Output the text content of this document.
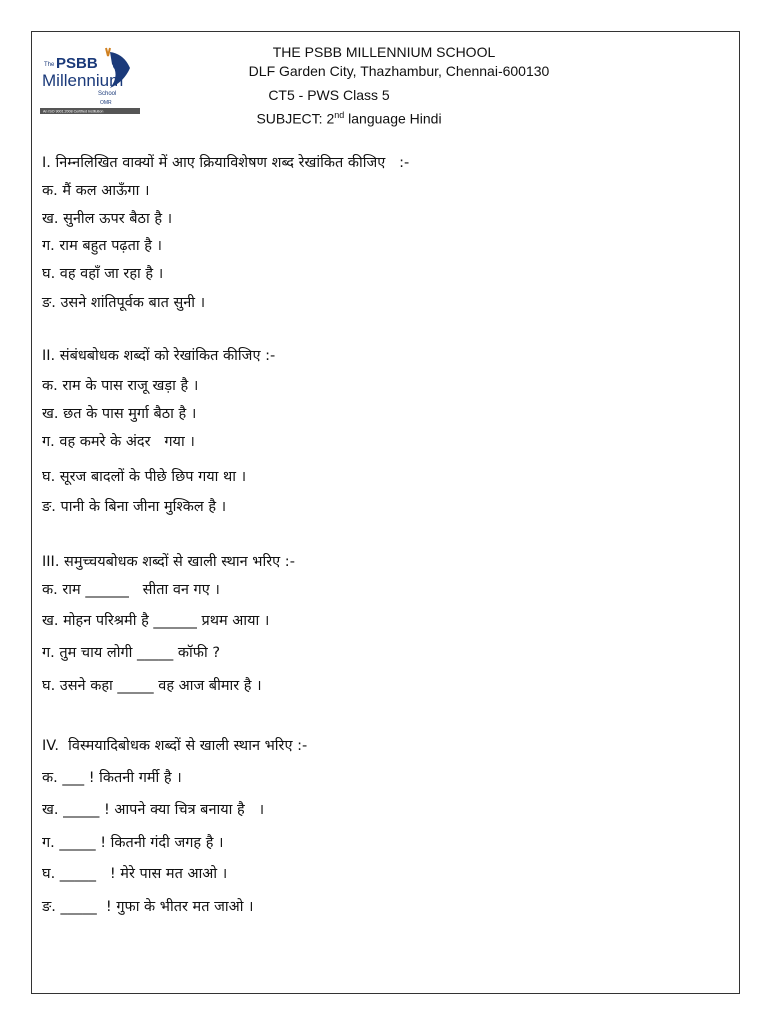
The PSBB
Millennium
School
OMR
An ISO 9001:2008 Certified Institution
THE PSBB MILLENNIUM SCHOOL
DLF Garden City, Thazhambur, Chennai-600130
CT5 - PWS Class 5
SUBJECT: 2nd language Hindi
I. निम्नलिखित वाक्यों में आए क्रियाविशेषण शब्द रेखांकित कीजिए   :-
क. मैं कल आऊँगा ।
ख. सुनील ऊपर बैठा है ।
ग. राम बहुत पढ़ता है ।
घ. वह वहाँ जा रहा है ।
ङ. उसने शांतिपूर्वक बात सुनी ।
II. संबंधबोधक शब्दों को रेखांकित कीजिए :-
क. राम के पास राजू खड़ा है ।
ख. छत के पास मुर्गा बैठा है ।
ग. वह कमरे के अंदर   गया ।
घ. सूरज बादलों के पीछे छिप गया था ।
ङ. पानी के बिना जीना मुश्किल है ।
III. समुच्चयबोधक शब्दों से खाली स्थान भरिए :-
क. राम ______   सीता वन गए ।
ख. मोहन परिश्रमी है ______ प्रथम आया ।
ग. तुम चाय लोगी _____ कॉफी ?
घ. उसने कहा _____ वह आज बीमार है ।
IV.  विस्मयादिबोधक शब्दों से खाली स्थान भरिए :-
क. ___ ! कितनी गर्मी है ।
ख. _____ ! आपने क्या चित्र बनाया है   ।
ग. _____ ! कितनी गंदी जगह है ।
घ. _____   ! मेरे पास मत आओ ।
ङ. _____  ! गुफा के भीतर मत जाओ ।
